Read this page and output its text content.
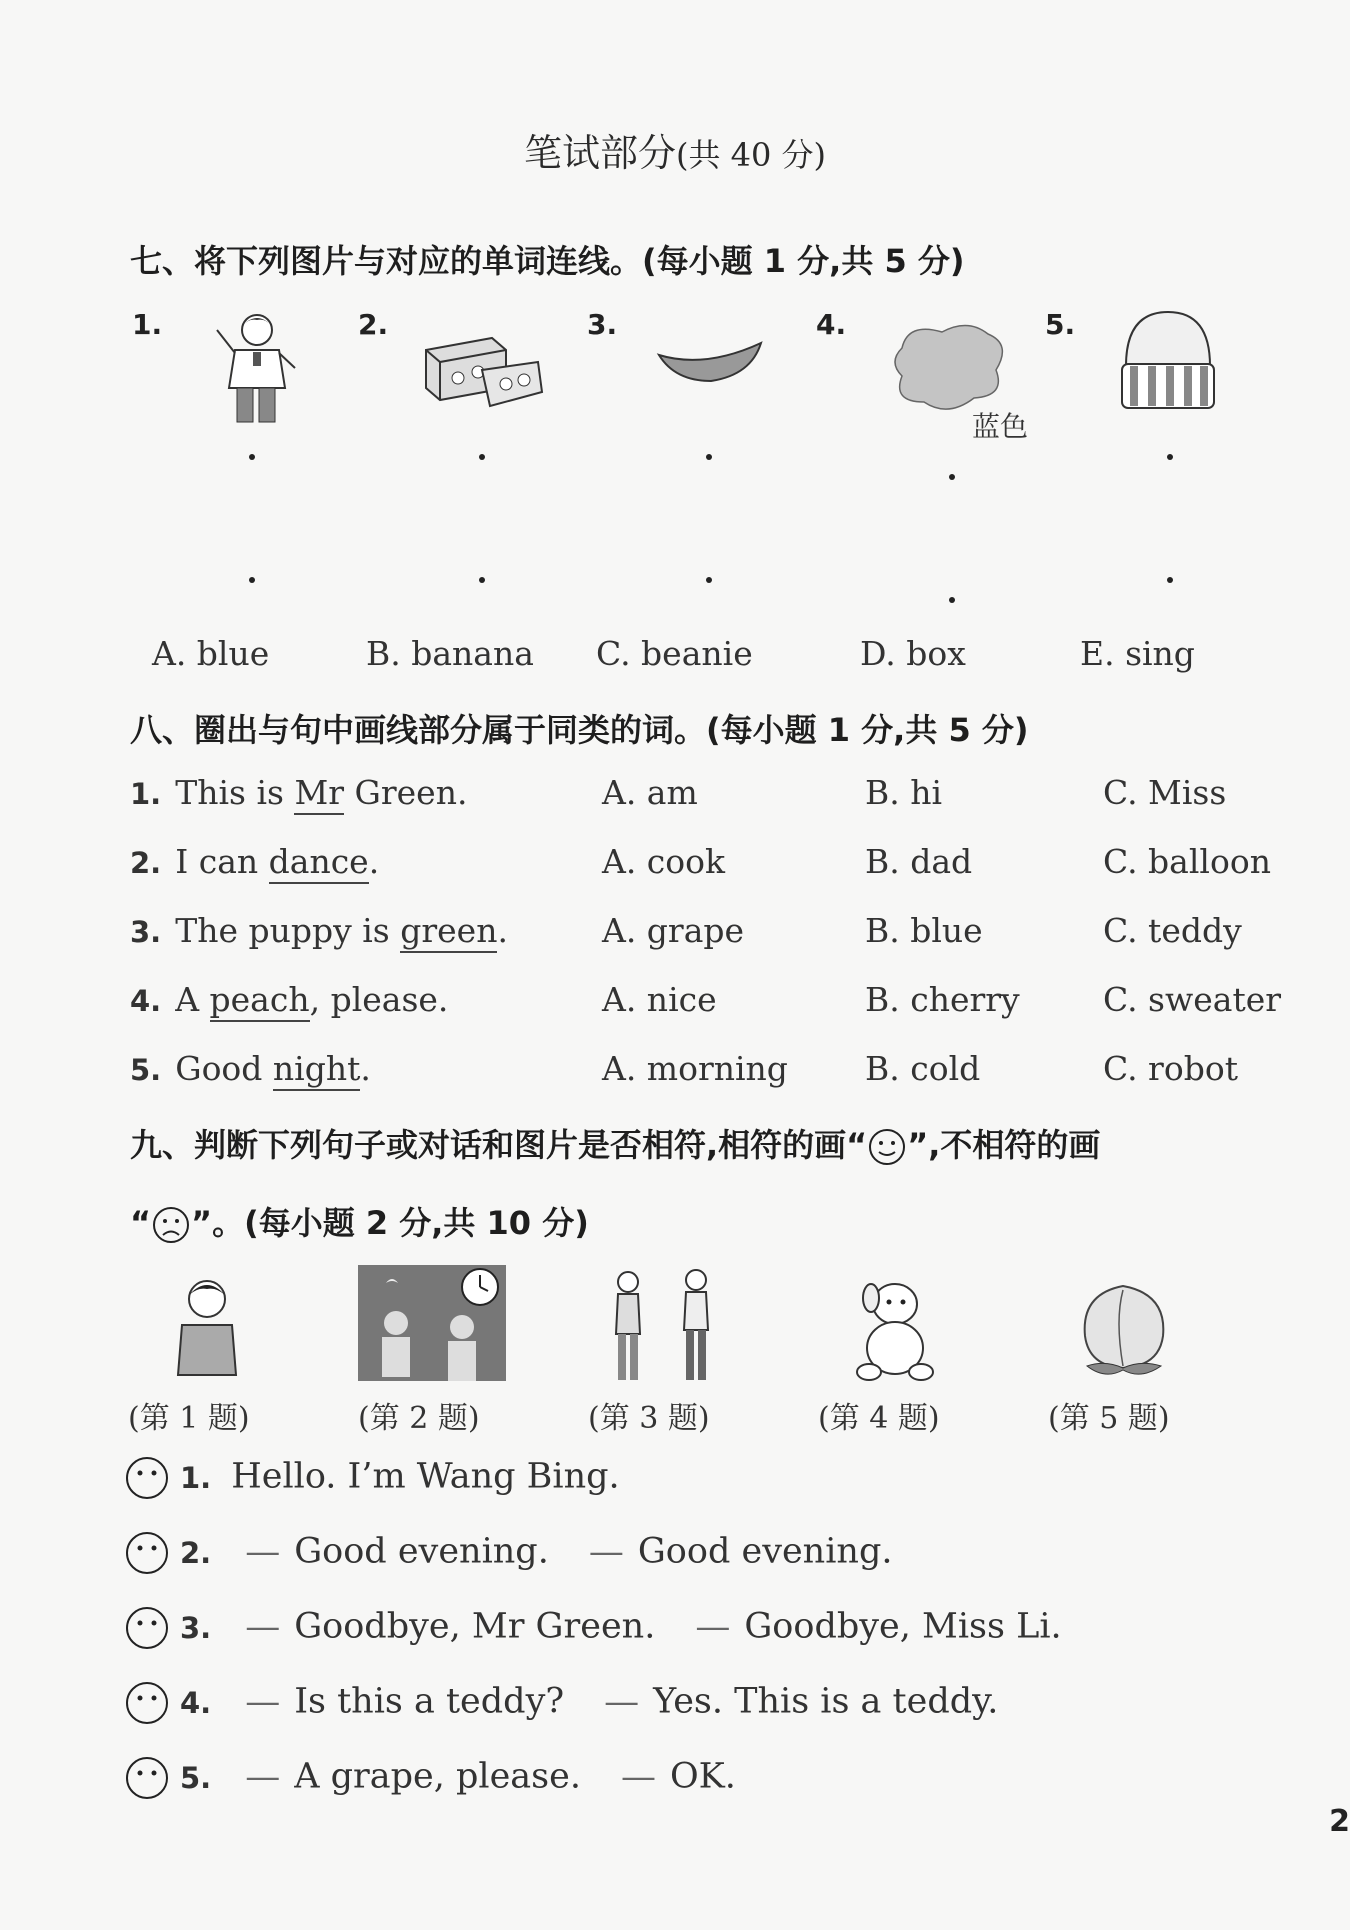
笔试部分(共 40 分)
七、将下列图片与对应的单词连线。(每小题 1 分,共 5 分)
1.	2.	3.	4.	5.
蓝色
A. blue	B. banana C. beanie	D. box	E. sing
八、圈出与句中画线部分属于同类的词。(每小题 1 分,共 5 分)
1. This is Mr Green.	A. am	B. hi	C. Miss
2. I can dance.	A. cook	B. dad	C. balloon
3. The puppy is green.	A. grape	B. blue	C. teddy
4. A peach, please.	A. nice	B. cherry	C. sweater
5. Good night.	A. morning B. cold	C. robot
九、判断下列句子或对话和图片是否相符,相符的画“ ”,不相符的画
“ ”。(每小题 2 分,共 10 分)
(第 1 题)	(第 2 题)	(第 3 题)	(第 4 题)	(第 5 题)
1. Hello. I’m Wang Bing.
2. — Good evening. — Good evening.
3. — Goodbye, Mr Green. — Goodbye, Miss Li.
4. — Is this a teddy? — Yes. This is a teddy.
5. — A grape, please. — OK.
2
